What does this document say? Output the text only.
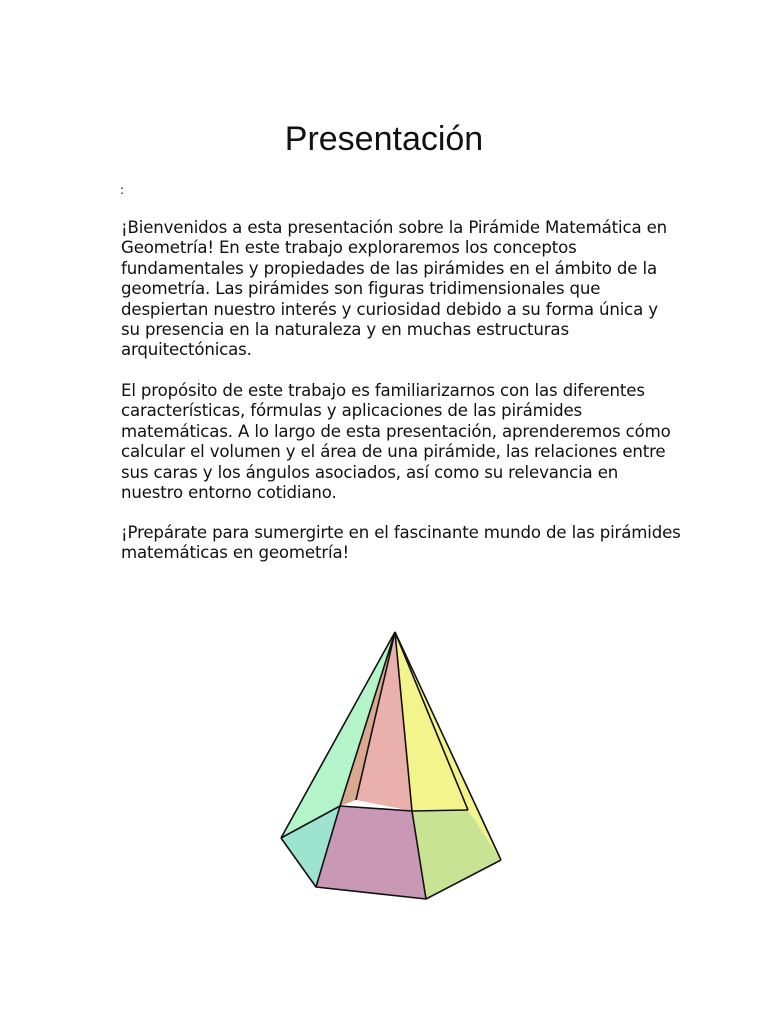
Presentación
:

¡Bienvenidos a esta presentación sobre la Pirámide Matemática en Geometría! En este trabajo exploraremos los conceptos fundamentales y propiedades de las pirámides en el ámbito de la geometría. Las pirámides son figuras tridimensionales que despiertan nuestro interés y curiosidad debido a su forma única y su presencia en la naturaleza y en muchas estructuras arquitectónicas.

El propósito de este trabajo es familiarizarnos con las diferentes características, fórmulas y aplicaciones de las pirámides matemáticas. A lo largo de esta presentación, aprenderemos cómo calcular el volumen y el área de una pirámide, las relaciones entre sus caras y los ángulos asociados, así como su relevancia en nuestro entorno cotidiano.

¡Prepárate para sumergirte en el fascinante mundo de las pirámides matemáticas en geometría!
